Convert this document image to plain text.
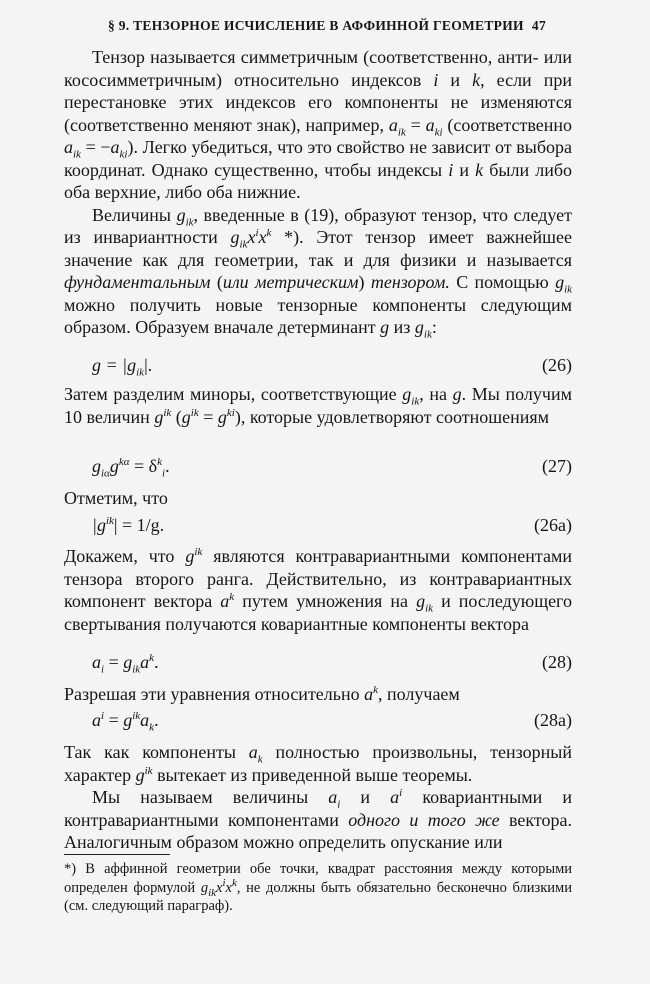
§ 9. ТЕНЗОРНОЕ ИСЧИСЛЕНИЕ В АФФИННОЙ ГЕОМЕТРИИ 47

Тензор называется симметричным (соответственно, анти- или кососимметричным) относительно индексов i и k, если при перестановке этих индексов его компоненты не изменяются (соответственно меняют знак), например, $a_{ik} = a_{ki}$ (соответственно $a_{ik} = -a_{ki}$). Легко убедиться, что это свойство не зависит от выбора координат. Однако существенно, чтобы индексы i и k были либо оба верхние, либо оба нижние.

Величины $g_{ik}$, введенные в (19), образуют тензор, что следует из инвариантности $g_{ik}x^ix^k$ *). Этот тензор имеет важнейшее значение как для геометрии, так и для физики и называется фундаментальным (или метрическим) тензором. С помощью $g_{ik}$ можно получить новые тензорные компоненты следующим образом. Образуем вначале детерминант g из $g_{ik}$:

$g = |g_{ik}|$.	(26)

Затем разделим миноры, соответствующие $g_{ik}$, на g. Мы получим 10 величин $g^{ik}$ $(g^{ik} = g^{ki})$, которые удовлетворяют соотношениям

$g_{i\alpha}g^{k\alpha} = \delta^k_i$.	(27)

Отметим, что

$|g^{ik}| = 1/g$.	(26a)

Докажем, что $g^{ik}$ являются контравариантными компонентами тензора второго ранга. Действительно, из контравариантных компонент вектора $a^k$ путем умножения на $g_{ik}$ и последующего свертывания получаются ковариантные компоненты вектора

$a_i = g_{ik}a^k$.	(28)

Разрешая эти уравнения относительно $a^k$, получаем

$a^i = g^{ik}a_k$.	(28a)

Так как компоненты $a_k$ полностью произвольны, тензорный характер $g^{ik}$ вытекает из приведенной выше теоремы.

Мы называем величины $a_i$ и $a^i$ ковариантными и контравариантными компонентами одного и того же вектора. Аналогичным образом можно определить опускание или

*) В аффинной геометрии обе точки, квадрат расстояния между которыми определен формулой $g_{ik}x^ix^k$, не должны быть обязательно бесконечно близкими (см. следующий параграф).
